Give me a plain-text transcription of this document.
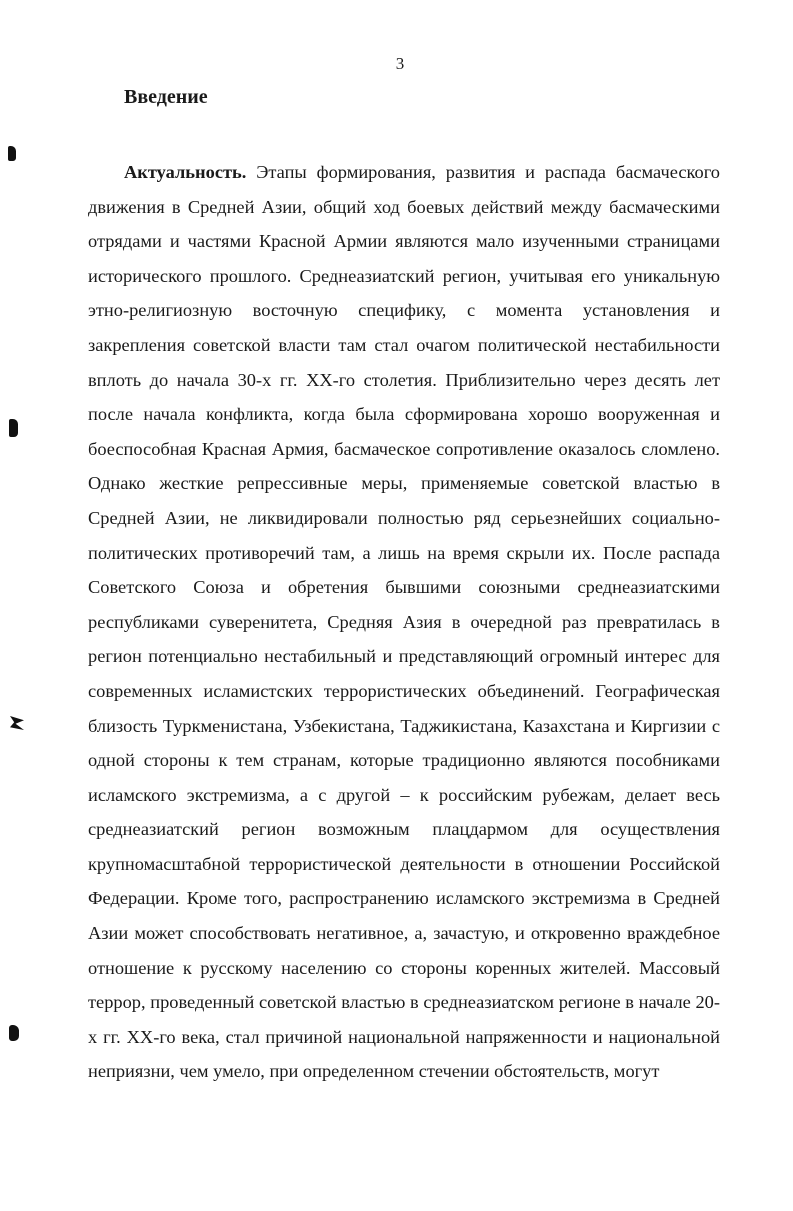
3
Введение

Актуальность. Этапы формирования, развития и распада басмаческого движения в Средней Азии, общий ход боевых действий между басмаческими отрядами и частями Красной Армии являются мало изученными страницами исторического прошлого. Среднеазиатский регион, учитывая его уникальную этно-религиозную восточную специфику, с момента установления и закрепления советской власти там стал очагом политической нестабильности вплоть до начала 30-х гг. XX-го столетия. Приблизительно через десять лет после начала конфликта, когда была сформирована хорошо вооруженная и боеспособная Красная Армия, басмаческое сопротивление оказалось сломлено. Однако жесткие репрессивные меры, применяемые советской властью в Средней Азии, не ликвидировали полностью ряд серьезнейших социально-политических противоречий там, а лишь на время скрыли их. После распада Советского Союза и обретения бывшими союзными среднеазиатскими республиками суверенитета, Средняя Азия в очередной раз превратилась в регион потенциально нестабильный и представляющий огромный интерес для современных исламистских террористических объединений. Географическая близость Туркменистана, Узбекистана, Таджикистана, Казахстана и Киргизии с одной стороны к тем странам, которые традиционно являются пособниками исламского экстремизма, а с другой – к российским рубежам, делает весь среднеазиатский регион возможным плацдармом для осуществления крупномасштабной террористической деятельности в отношении Российской Федерации. Кроме того, распространению исламского экстремизма в Средней Азии может способствовать негативное, а, зачастую, и откровенно враждебное отношение к русскому населению со стороны коренных жителей. Массовый террор, проведенный советской властью в среднеазиатском регионе в начале 20-х гг. XX-го века, стал причиной национальной напряженности и национальной неприязни, чем умело, при определенном стечении обстоятельств, могут
